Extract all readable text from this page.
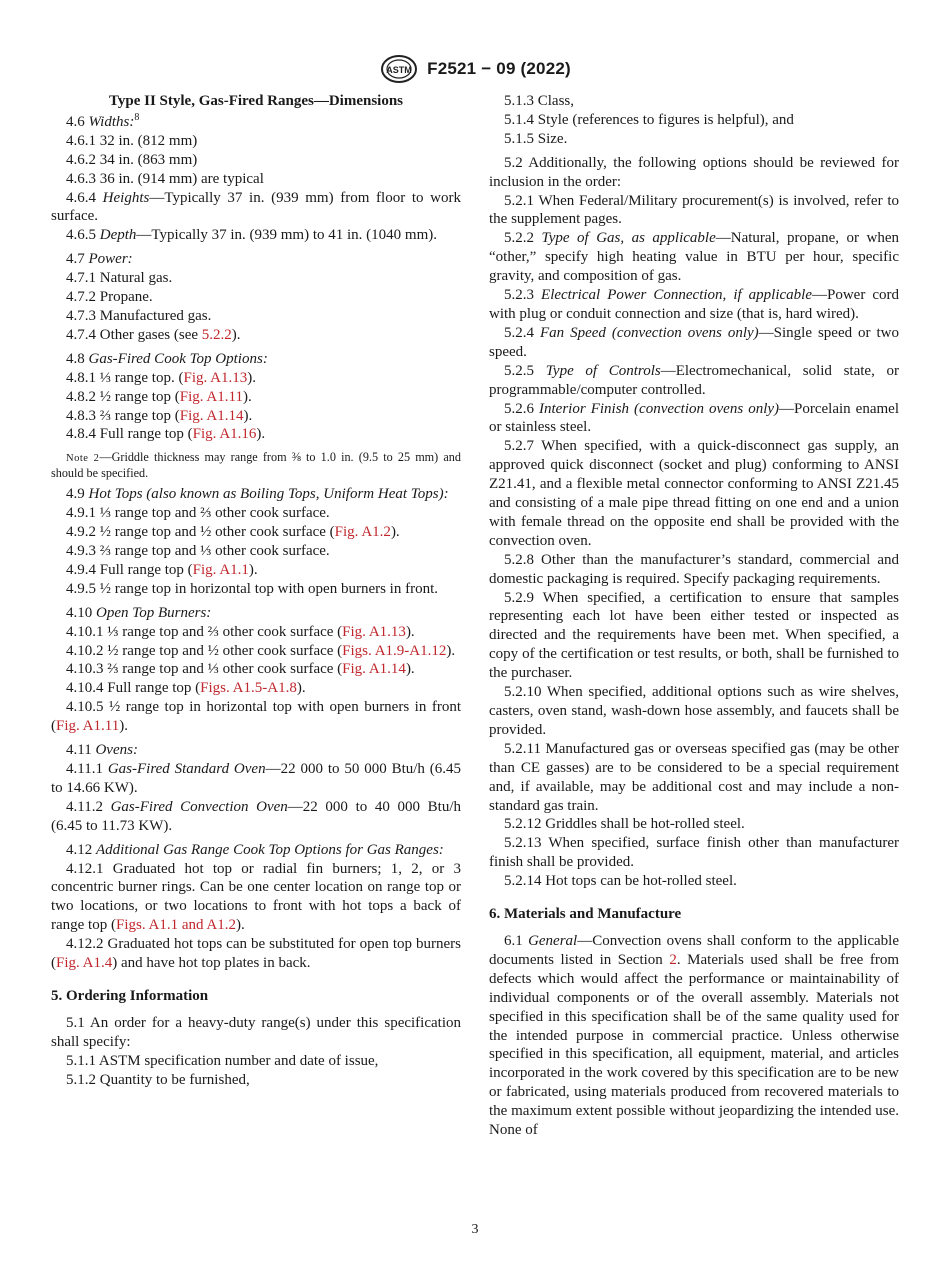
ASTM F2521 − 09 (2022)

Type II Style, Gas-Fired Ranges—Dimensions

4.6 Widths:$^8$

4.6.1 32 in. (812 mm)

4.6.2 34 in. (863 mm)

4.6.3 36 in. (914 mm) are typical

4.6.4 Heights—Typically 37 in. (939 mm) from floor to work surface.

4.6.5 Depth—Typically 37 in. (939 mm) to 41 in. (1040 mm).

4.7 Power:

4.7.1 Natural gas.

4.7.2 Propane.

4.7.3 Manufactured gas.

4.7.4 Other gases (see 5.2.2).

4.8 Gas-Fired Cook Top Options:

4.8.1 ⅓ range top. (Fig. A1.13).

4.8.2 ½ range top (Fig. A1.11).

4.8.3 ⅔ range top (Fig. A1.14).

4.8.4 Full range top (Fig. A1.16).

Note 2—Griddle thickness may range from ⅜ to 1.0 in. (9.5 to 25 mm) and should be specified.

4.9 Hot Tops (also known as Boiling Tops, Uniform Heat Tops):

4.9.1 ⅓ range top and ⅔ other cook surface.

4.9.2 ½ range top and ½ other cook surface (Fig. A1.2).

4.9.3 ⅔ range top and ⅓ other cook surface.

4.9.4 Full range top (Fig. A1.1).

4.9.5 ½ range top in horizontal top with open burners in front.

4.10 Open Top Burners:

4.10.1 ⅓ range top and ⅔ other cook surface (Fig. A1.13).

4.10.2 ½ range top and ½ other cook surface (Figs. A1.9-A1.12).

4.10.3 ⅔ range top and ⅓ other cook surface (Fig. A1.14).

4.10.4 Full range top (Figs. A1.5-A1.8).

4.10.5 ½ range top in horizontal top with open burners in front (Fig. A1.11).

4.11 Ovens:

4.11.1 Gas-Fired Standard Oven—22 000 to 50 000 Btu/h (6.45 to 14.66 KW).

4.11.2 Gas-Fired Convection Oven—22 000 to 40 000 Btu/h (6.45 to 11.73 KW).

4.12 Additional Gas Range Cook Top Options for Gas Ranges:

4.12.1 Graduated hot top or radial fin burners; 1, 2, or 3 concentric burner rings. Can be one center location on range top or two locations, or two locations to front with hot tops a back of range top (Figs. A1.1 and A1.2).

4.12.2 Graduated hot tops can be substituted for open top burners (Fig. A1.4) and have hot top plates in back.

5. Ordering Information

5.1 An order for a heavy-duty range(s) under this specification shall specify:

5.1.1 ASTM specification number and date of issue,

5.1.2 Quantity to be furnished,

5.1.3 Class,

5.1.4 Style (references to figures is helpful), and

5.1.5 Size.

5.2 Additionally, the following options should be reviewed for inclusion in the order:

5.2.1 When Federal/Military procurement(s) is involved, refer to the supplement pages.

5.2.2 Type of Gas, as applicable—Natural, propane, or when “other,” specify high heating value in BTU per hour, specific gravity, and composition of gas.

5.2.3 Electrical Power Connection, if applicable—Power cord with plug or conduit connection and size (that is, hard wired).

5.2.4 Fan Speed (convection ovens only)—Single speed or two speed.

5.2.5 Type of Controls—Electromechanical, solid state, or programmable/computer controlled.

5.2.6 Interior Finish (convection ovens only)—Porcelain enamel or stainless steel.

5.2.7 When specified, with a quick-disconnect gas supply, an approved quick disconnect (socket and plug) conforming to ANSI Z21.41, and a flexible metal connector conforming to ANSI Z21.45 and consisting of a male pipe thread fitting on one end and a union with female thread on the opposite end shall be provided with the convection oven.

5.2.8 Other than the manufacturer’s standard, commercial and domestic packaging is required. Specify packaging requirements.

5.2.9 When specified, a certification to ensure that samples representing each lot have been either tested or inspected as directed and the requirements have been met. When specified, a copy of the certification or test results, or both, shall be furnished to the purchaser.

5.2.10 When specified, additional options such as wire shelves, casters, oven stand, wash-down hose assembly, and faucets shall be provided.

5.2.11 Manufactured gas or overseas specified gas (may be other than CE gasses) are to be considered to be a special requirement and, if available, may be additional cost and may include a non-standard gas train.

5.2.12 Griddles shall be hot-rolled steel.

5.2.13 When specified, surface finish other than manufacturer finish shall be provided.

5.2.14 Hot tops can be hot-rolled steel.

6. Materials and Manufacture

6.1 General—Convection ovens shall conform to the applicable documents listed in Section 2. Materials used shall be free from defects which would affect the performance or maintainability of individual components or of the overall assembly. Materials not specified in this specification shall be of the same quality used for the intended purpose in commercial practice. Unless otherwise specified in this specification, all equipment, material, and articles incorporated in the work covered by this specification are to be new or fabricated, using materials produced from recovered materials to the maximum extent possible without jeopardizing the intended use. None of

3
